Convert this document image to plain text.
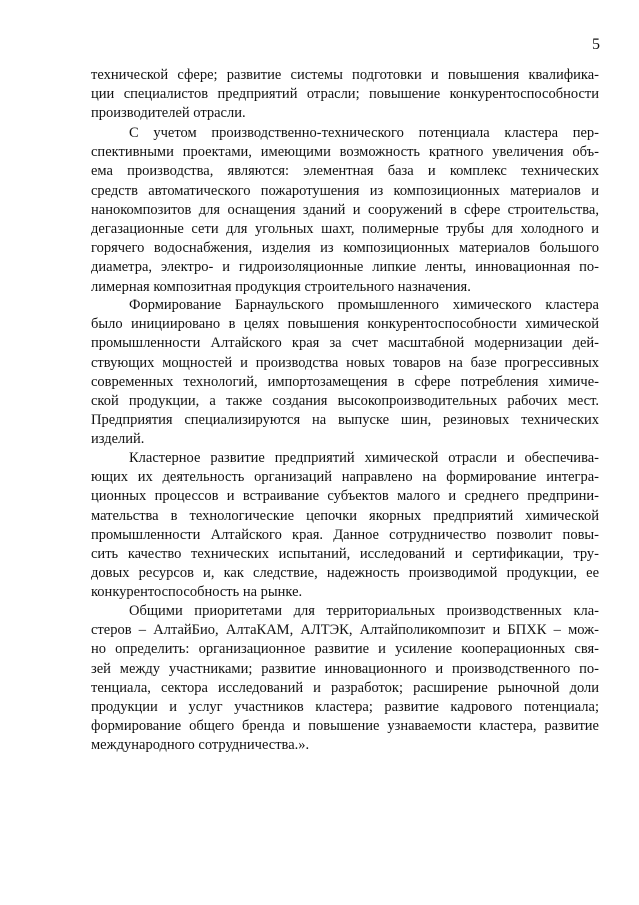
5
технической сфере; развитие системы подготовки и повышения квалифика-
ции специалистов предприятий отрасли; повышение конкурентоспособности
производителей отрасли.
С учетом производственно-технического потенциала кластера пер-
спективными проектами, имеющими возможность кратного увеличения объ-
ема производства, являются: элементная база и комплекс технических
средств автоматического пожаротушения из композиционных материалов и
нанокомпозитов для оснащения зданий и сооружений в сфере строительства,
дегазационные сети для угольных шахт, полимерные трубы для холодного и
горячего водоснабжения, изделия из композиционных материалов большого
диаметра, электро- и гидроизоляционные липкие ленты, инновационная по-
лимерная композитная продукция строительного назначения.
Формирование Барнаульского промышленного химического кластера
было инициировано в целях повышения конкурентоспособности химической
промышленности Алтайского края за счет масштабной модернизации дей-
ствующих мощностей и производства новых товаров на базе прогрессивных
современных технологий, импортозамещения в сфере потребления химиче-
ской продукции, а также создания высокопроизводительных рабочих мест.
Предприятия специализируются на выпуске шин, резиновых технических
изделий.
Кластерное развитие предприятий химической отрасли и обеспечива-
ющих их деятельность организаций направлено на формирование интегра-
ционных процессов и встраивание субъектов малого и среднего предприни-
мательства в технологические цепочки якорных предприятий химической
промышленности Алтайского края. Данное сотрудничество позволит повы-
сить качество технических испытаний, исследований и сертификации, тру-
довых ресурсов и, как следствие, надежность производимой продукции, ее
конкурентоспособность на рынке.
Общими приоритетами для территориальных производственных кла-
стеров – АлтайБио, АлтаКАМ, АЛТЭК, Алтайполикомпозит и БПХК – мож-
но определить: организационное развитие и усиление кооперационных свя-
зей между участниками; развитие инновационного и производственного по-
тенциала, сектора исследований и разработок; расширение рыночной доли
продукции и услуг участников кластера; развитие кадрового потенциала;
формирование общего бренда и повышение узнаваемости кластера, развитие
международного сотрудничества.».
